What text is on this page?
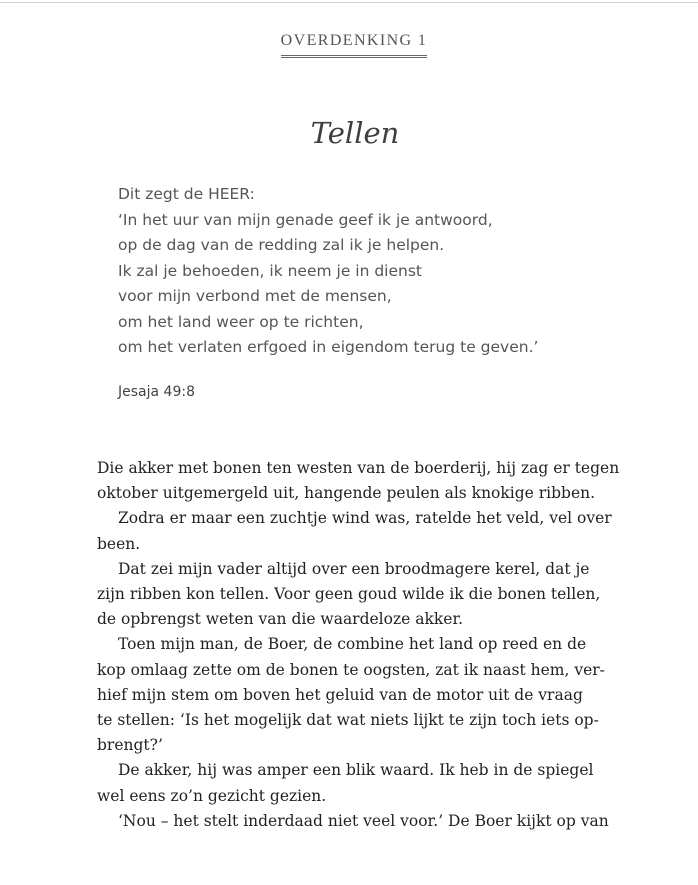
OVERDENKING 1
Tellen
Dit zegt de HEER:
‘In het uur van mijn genade geef ik je antwoord,
op de dag van de redding zal ik je helpen.
Ik zal je behoeden, ik neem je in dienst
voor mijn verbond met de mensen,
om het land weer op te richten,
om het verlaten erfgoed in eigendom terug te geven.’
Jesaja 49:8
Die akker met bonen ten westen van de boerderij, hij zag er tegen
oktober uitgemergeld uit, hangende peulen als knokige ribben.
Zodra er maar een zuchtje wind was, ratelde het veld, vel over
been.
Dat zei mijn vader altijd over een broodmagere kerel, dat je
zijn ribben kon tellen. Voor geen goud wilde ik die bonen tellen,
de opbrengst weten van die waardeloze akker.
Toen mijn man, de Boer, de combine het land op reed en de
kop omlaag zette om de bonen te oogsten, zat ik naast hem, ver-
hief mijn stem om boven het geluid van de motor uit de vraag
te stellen: ‘Is het mogelijk dat wat niets lijkt te zijn toch iets op-
brengt?’
De akker, hij was amper een blik waard. Ik heb in de spiegel
wel eens zo’n gezicht gezien.
‘Nou – het stelt inderdaad niet veel voor.’ De Boer kijkt op van
